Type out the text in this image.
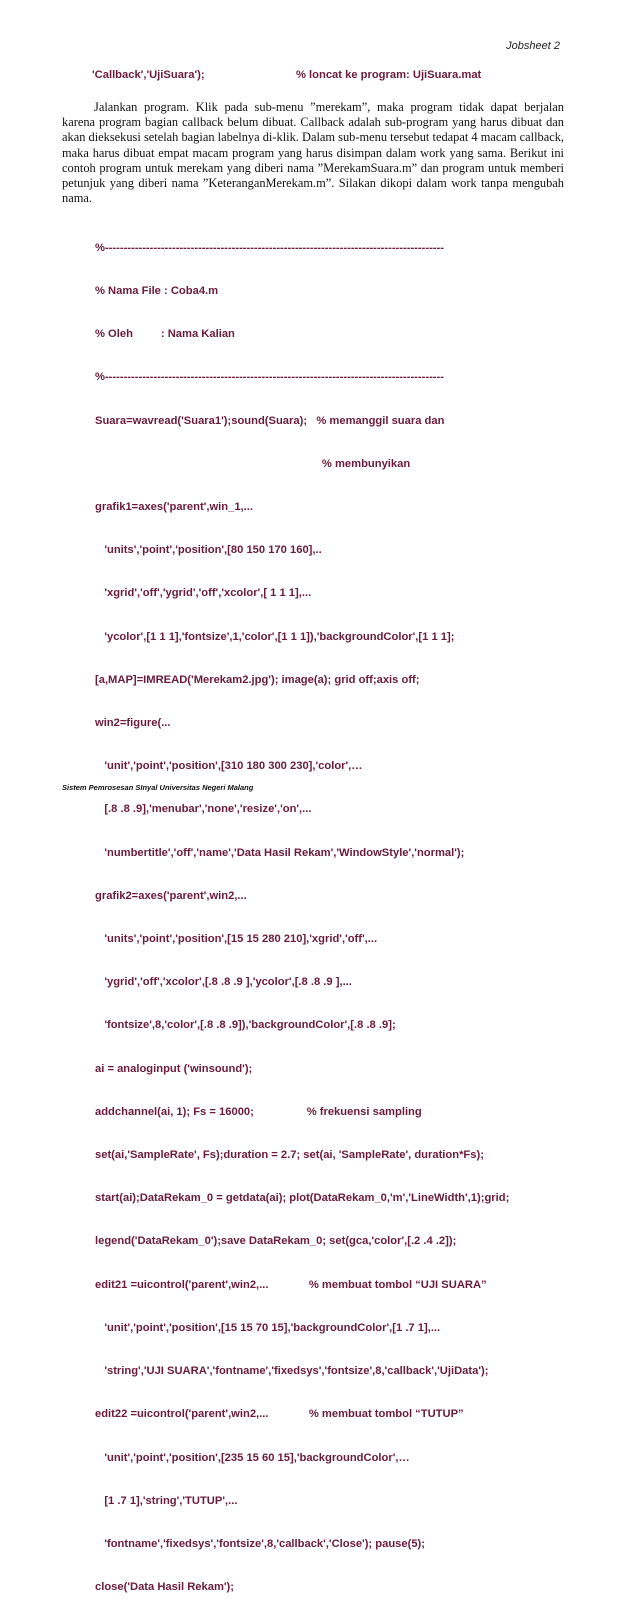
Jobsheet 2
'Callback','UjiSuara');	% loncat ke program: UjiSuara.mat
Jalankan program. Klik pada sub-menu ”merekam”, maka program tidak dapat berjalan karena program bagian callback belum dibuat. Callback adalah sub-program yang harus dibuat dan akan dieksekusi setelah bagian labelnya di-klik. Dalam sub-menu tersebut tedapat 4 macam callback, maka harus dibuat empat macam program yang harus disimpan dalam work yang sama. Berikut ini contoh program untuk merekam yang diberi nama ”MerekamSuara.m” dan program untuk memberi petunjuk yang diberi nama ”KeteranganMerekam.m”. Silakan dikopi dalam work tanpa mengubah nama.

%-------------------------------------------------------------------------------------------

% Nama File : Coba4.m

% Oleh         : Nama Kalian

%-------------------------------------------------------------------------------------------

Suara=wavread('Suara1');sound(Suara);   % memanggil suara dan

% membunyikan

grafik1=axes('parent',win_1,...

'units','point','position',[80 150 170 160],..

'xgrid','off','ygrid','off','xcolor',[ 1 1 1],...

'ycolor',[1 1 1],'fontsize',1,'color',[1 1 1]),'backgroundColor',[1 1 1];

[a,MAP]=IMREAD('Merekam2.jpg'); image(a); grid off;axis off;

win2=figure(...

'unit','point','position',[310 180 300 230],'color',…

[.8 .8 .9],'menubar','none','resize','on',...

'numbertitle','off','name','Data Hasil Rekam','WindowStyle','normal');

grafik2=axes('parent',win2,...

'units','point','position',[15 15 280 210],'xgrid','off',...

'ygrid','off','xcolor',[.8 .8 .9 ],'ycolor',[.8 .8 .9 ],...

'fontsize',8,'color',[.8 .8 .9]),'backgroundColor',[.8 .8 .9];

ai = analoginput ('winsound');

addchannel(ai, 1); Fs = 16000;                 % frekuensi sampling

set(ai,'SampleRate', Fs);duration = 2.7; set(ai, 'SampleRate', duration*Fs);

start(ai);DataRekam_0 = getdata(ai); plot(DataRekam_0,'m','LineWidth',1);grid;

legend('DataRekam_0');save DataRekam_0; set(gca,'color',[.2 .4 .2]);

edit21 =uicontrol('parent',win2,...             % membuat tombol “UJI SUARA”

'unit','point','position',[15 15 70 15],'backgroundColor',[1 .7 1],...

'string','UJI SUARA','fontname','fixedsys','fontsize',8,'callback','UjiData');

edit22 =uicontrol('parent',win2,...             % membuat tombol “TUTUP”

'unit','point','position',[235 15 60 15],'backgroundColor',…

[1 .7 1],'string','TUTUP',...

'fontname','fixedsys','fontsize',8,'callback','Close'); pause(5);

close('Data Hasil Rekam');

Sistem Pemrosesan SInyal Universitas Negeri Malang
